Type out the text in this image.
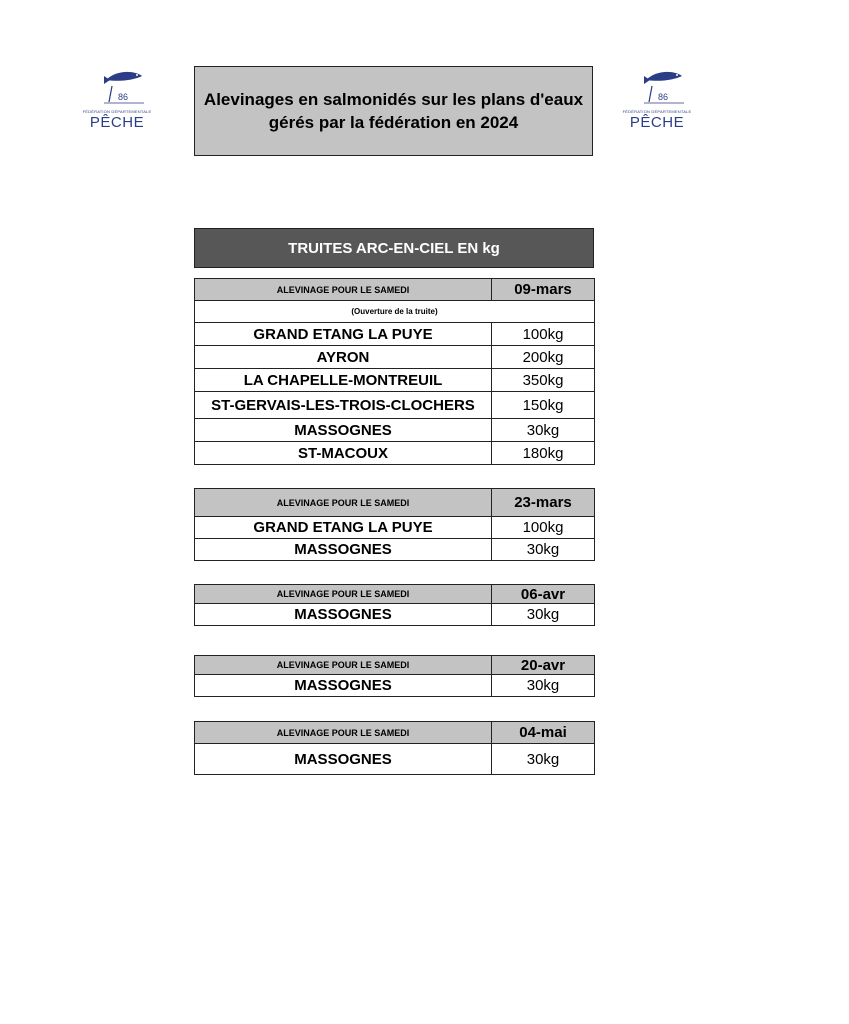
86
FÉDÉRATION DÉPARTEMENTALE
PÊCHE
86
FÉDÉRATION DÉPARTEMENTALE
PÊCHE
Alevinages en salmonidés sur les plans d'eaux gérés par la fédération en 2024
TRUITES ARC-EN-CIEL EN kg
ALEVINAGE POUR LE SAMEDI	09-mars
(Ouverture de la truite)	
GRAND ETANG LA PUYE	100kg
AYRON	200kg
LA CHAPELLE-MONTREUIL	350kg
ST-GERVAIS-LES-TROIS-CLOCHERS	150kg
MASSOGNES	30kg
ST-MACOUX	180kg
ALEVINAGE POUR LE SAMEDI	23-mars
GRAND ETANG LA PUYE	100kg
MASSOGNES	30kg
ALEVINAGE POUR LE SAMEDI	06-avr
MASSOGNES	30kg
ALEVINAGE POUR LE SAMEDI	20-avr
MASSOGNES	30kg
ALEVINAGE POUR LE SAMEDI	04-mai
MASSOGNES	30kg
